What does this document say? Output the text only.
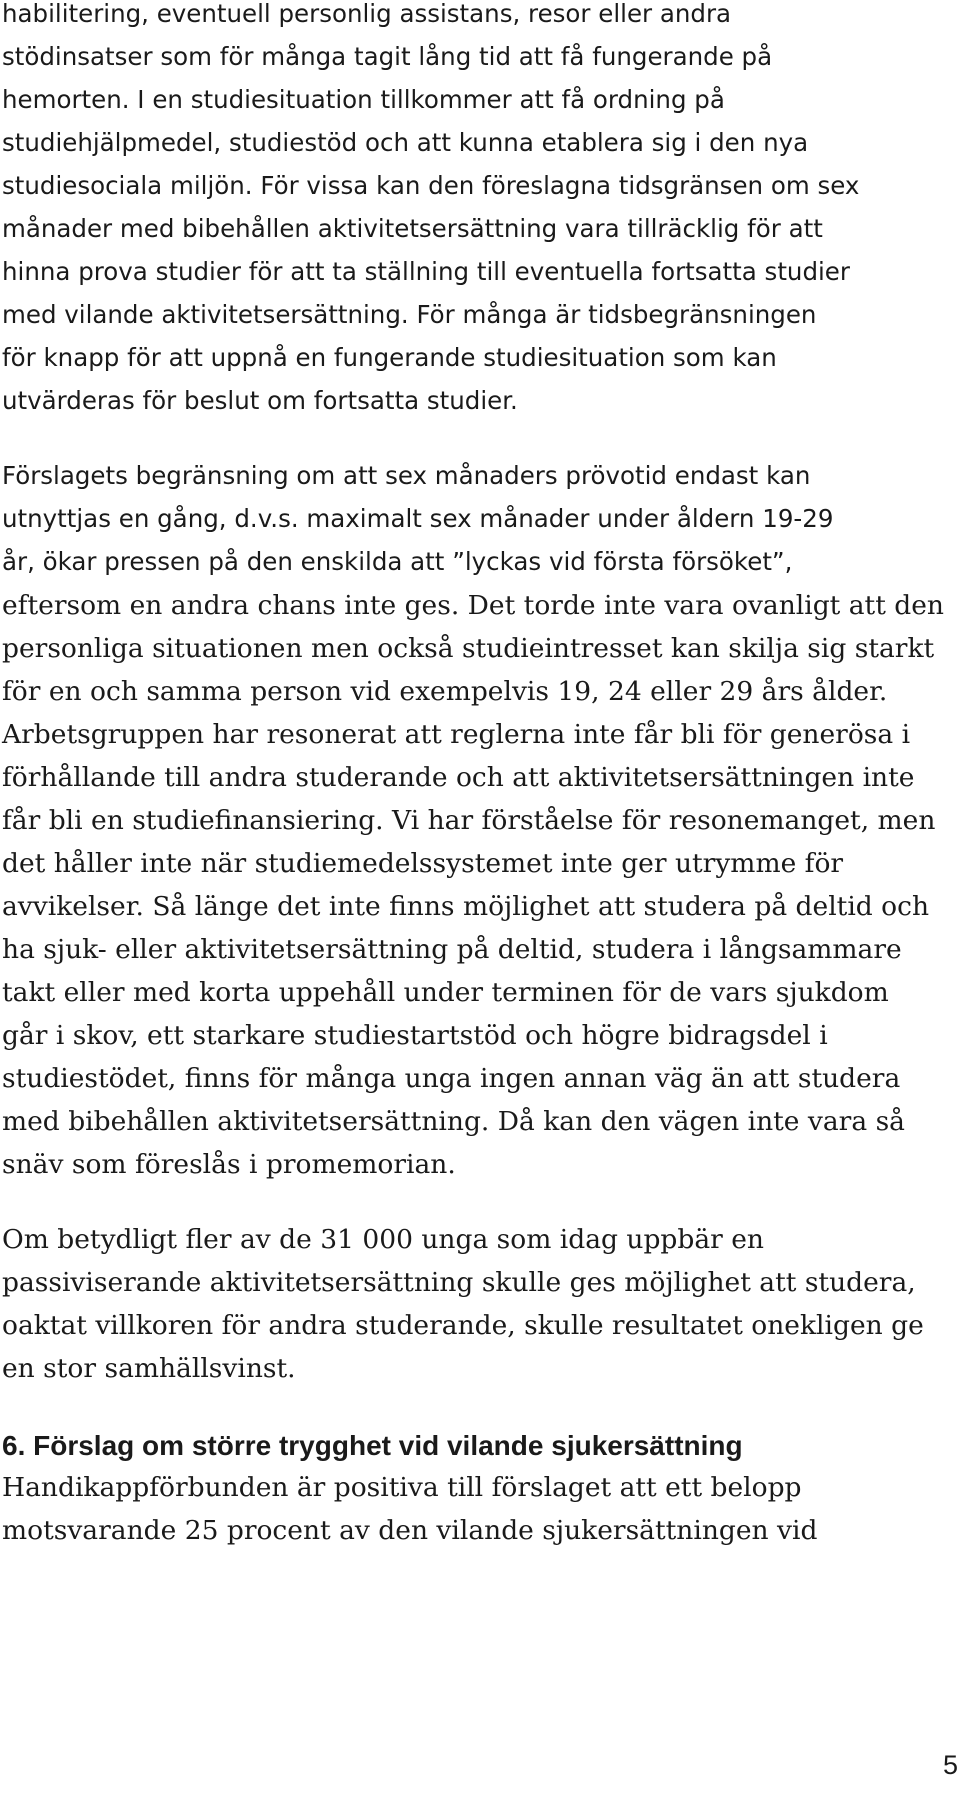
habilitering, eventuell personlig assistans, resor eller andra
stödinsatser som för många tagit lång tid att få fungerande på
hemorten. I en studiesituation tillkommer att få ordning på
studiehjälpmedel, studiestöd och att kunna etablera sig i den nya
studiesociala miljön. För vissa kan den föreslagna tidsgränsen om sex
månader med bibehållen aktivitetsersättning vara tillräcklig för att
hinna prova studier för att ta ställning till eventuella fortsatta studier
med vilande aktivitetsersättning. För många är tidsbegränsningen
för knapp för att uppnå en fungerande studiesituation som kan
utvärderas för beslut om fortsatta studier.
Förslagets begränsning om att sex månaders prövotid endast kan
utnyttjas en gång, d.v.s. maximalt sex månader under åldern 19-29
år, ökar pressen på den enskilda att ”lyckas vid första försöket”,
eftersom en andra chans inte ges. Det torde inte vara ovanligt att den
personliga situationen men också studieintresset kan skilja sig starkt
för en och samma person vid exempelvis 19, 24 eller 29 års ålder.
Arbetsgruppen har resonerat att reglerna inte får bli för generösa i
förhållande till andra studerande och att aktivitetsersättningen inte
får bli en studiefinansiering. Vi har förståelse för resonemanget, men
det håller inte när studiemedelssystemet inte ger utrymme för
avvikelser. Så länge det inte finns möjlighet att studera på deltid och
ha sjuk- eller aktivitetsersättning på deltid, studera i långsammare
takt eller med korta uppehåll under terminen för de vars sjukdom
går i skov, ett starkare studiestartstöd och högre bidragsdel i
studiestödet, finns för många unga ingen annan väg än att studera
med bibehållen aktivitetsersättning. Då kan den vägen inte vara så
snäv som föreslås i promemorian.
Om betydligt fler av de 31 000 unga som idag uppbär en
passiviserande aktivitetsersättning skulle ges möjlighet att studera,
oaktat villkoren för andra studerande, skulle resultatet onekligen ge
en stor samhällsvinst.
6. Förslag om större trygghet vid vilande sjukersättning
Handikappförbunden är positiva till förslaget att ett belopp
motsvarande 25 procent av den vilande sjukersättningen vid
5
